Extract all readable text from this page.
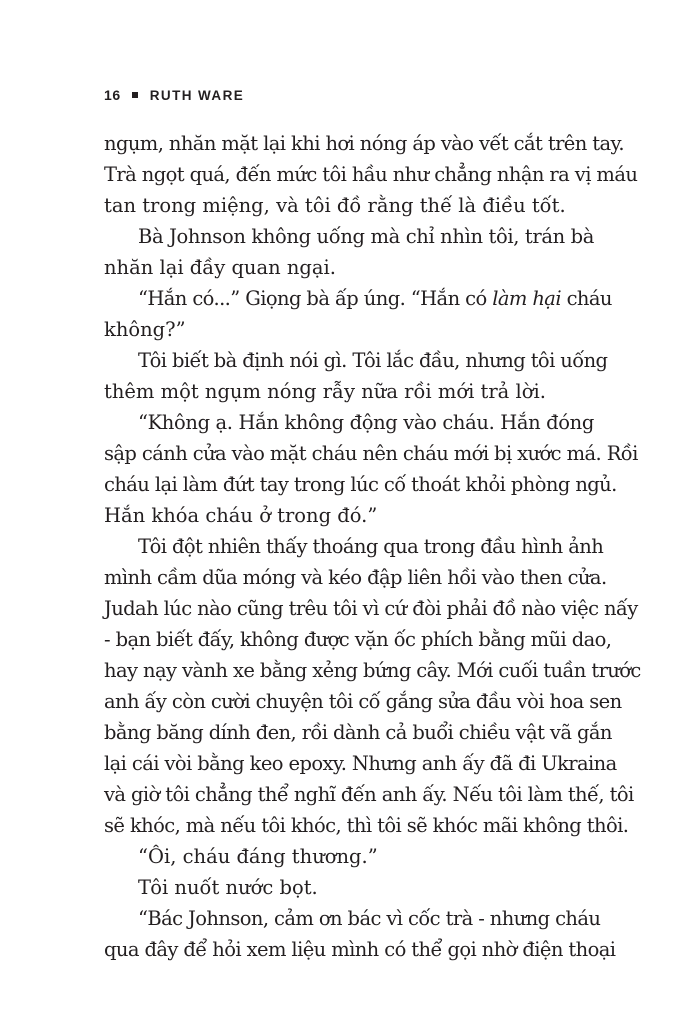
16 RUTH WARE
ngụm, nhăn mặt lại khi hơi nóng áp vào vết cắt trên tay.
Trà ngọt quá, đến mức tôi hầu như chẳng nhận ra vị máu
tan trong miệng, và tôi đồ rằng thế là điều tốt.
Bà Johnson không uống mà chỉ nhìn tôi, trán bà
nhăn lại đầy quan ngại.
“Hắn có...” Giọng bà ấp úng. “Hắn có làm hại cháu
không?”
Tôi biết bà định nói gì. Tôi lắc đầu, nhưng tôi uống
thêm một ngụm nóng rẫy nữa rồi mới trả lời.
“Không ạ. Hắn không động vào cháu. Hắn đóng
sập cánh cửa vào mặt cháu nên cháu mới bị xước má. Rồi
cháu lại làm đứt tay trong lúc cố thoát khỏi phòng ngủ.
Hắn khóa cháu ở trong đó.”
Tôi đột nhiên thấy thoáng qua trong đầu hình ảnh
mình cầm dũa móng và kéo đập liên hồi vào then cửa.
Judah lúc nào cũng trêu tôi vì cứ đòi phải đồ nào việc nấy
- bạn biết đấy, không được vặn ốc phích bằng mũi dao,
hay nạy vành xe bằng xẻng bứng cây. Mới cuối tuần trước
anh ấy còn cười chuyện tôi cố gắng sửa đầu vòi hoa sen
bằng băng dính đen, rồi dành cả buổi chiều vật vã gắn
lại cái vòi bằng keo epoxy. Nhưng anh ấy đã đi Ukraina
và giờ tôi chẳng thể nghĩ đến anh ấy. Nếu tôi làm thế, tôi
sẽ khóc, mà nếu tôi khóc, thì tôi sẽ khóc mãi không thôi.
“Ôi, cháu đáng thương.”
Tôi nuốt nước bọt.
“Bác Johnson, cảm ơn bác vì cốc trà - nhưng cháu
qua đây để hỏi xem liệu mình có thể gọi nhờ điện thoại
